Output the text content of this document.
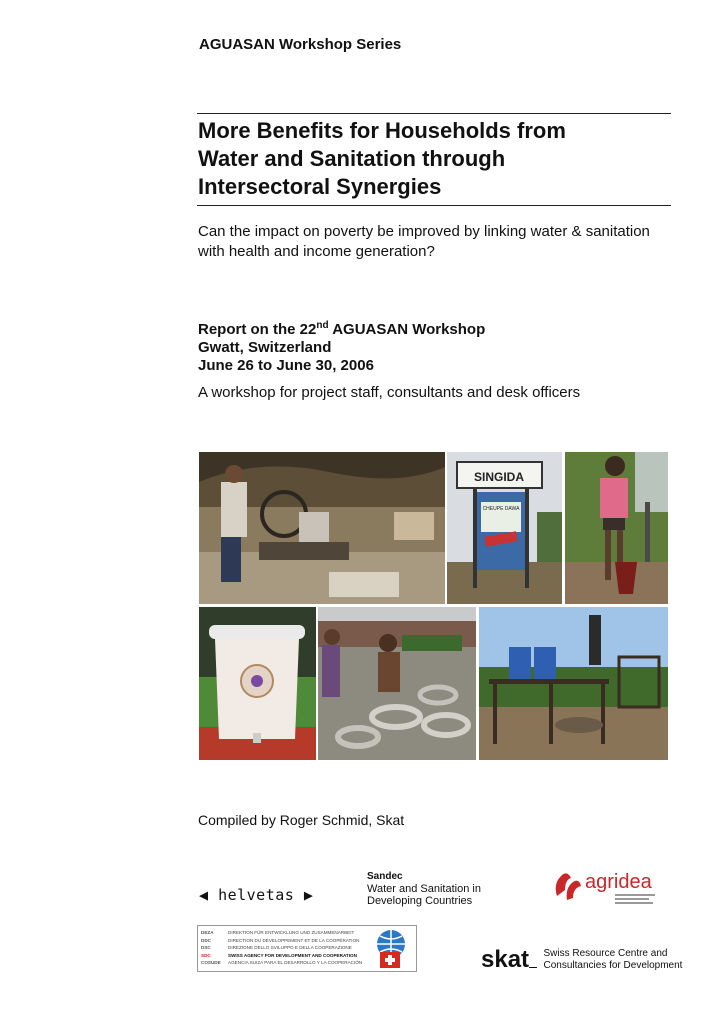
AGUASAN Workshop Series
More Benefits for Households from
Water and Sanitation through
Intersectoral Synergies
Can the impact on poverty be improved by linking water & sanitation
with health and income generation?
Report on the 22nd AGUASAN Workshop
Gwatt, Switzerland
June 26 to June 30, 2006
A workshop for project staff, consultants and desk officers
SINGIDA
CHEUPE DAWA
Compiled by Roger Schmid, Skat
◀ helvetas ▶
Sandec
Water and Sanitation in
Developing Countries
agridea
DEZA
DDC
DSC
SDC
COSUDE
DIREKTION FÜR ENTWICKLUNG UND ZUSAMMENARBEIT
DIRECTION DU DÉVELOPPEMENT ET DE LA COOPÉRATION
DIREZIONE DELLO SVILUPPO E DELLA COOPERAZIONE
SWISS AGENCY FOR DEVELOPMENT AND COOPERATION
AGENCIA SUIZA PARA EL DESARROLLO Y LA COOPERACIÓN	skat Swiss Resource Centre and
Consultancies for Development
